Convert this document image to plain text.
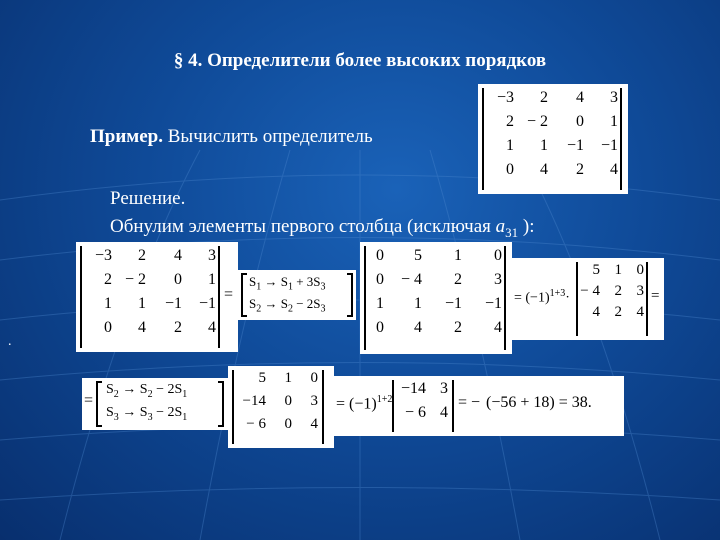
§ 4. Определители более высоких порядков
Пример. Вычислить определитель
Решение.
Обнулим элементы первого столбца (исключая $a_{31}$ ):
.
−3	2	4	3
2 − 2	0	1
1	1	−1	−1
0	4	2	4
−3	2	4	3
2 − 2	0	1
1	1	−1	−1
0	4	2	4
=
$S_1 \to S_1 + 3S_3$
$S_2 \to S_2 - 2S_3$
0	5	1	0
0	− 4	2	3
1	1	−1	−1
0	4	2	4
= $(-1)^{1+3}\cdot$
5 1 0
− 4 2 3
4 2 4
=
=
$S_2 \to S_2 - 2S_1$
$S_3 \to S_3 - 2S_1$
5	1	0
−14	0	3
− 6	0	4
= $(-1)^{1+2}$
−14 3
− 6 4
= − (−56 + 18) = 38.
